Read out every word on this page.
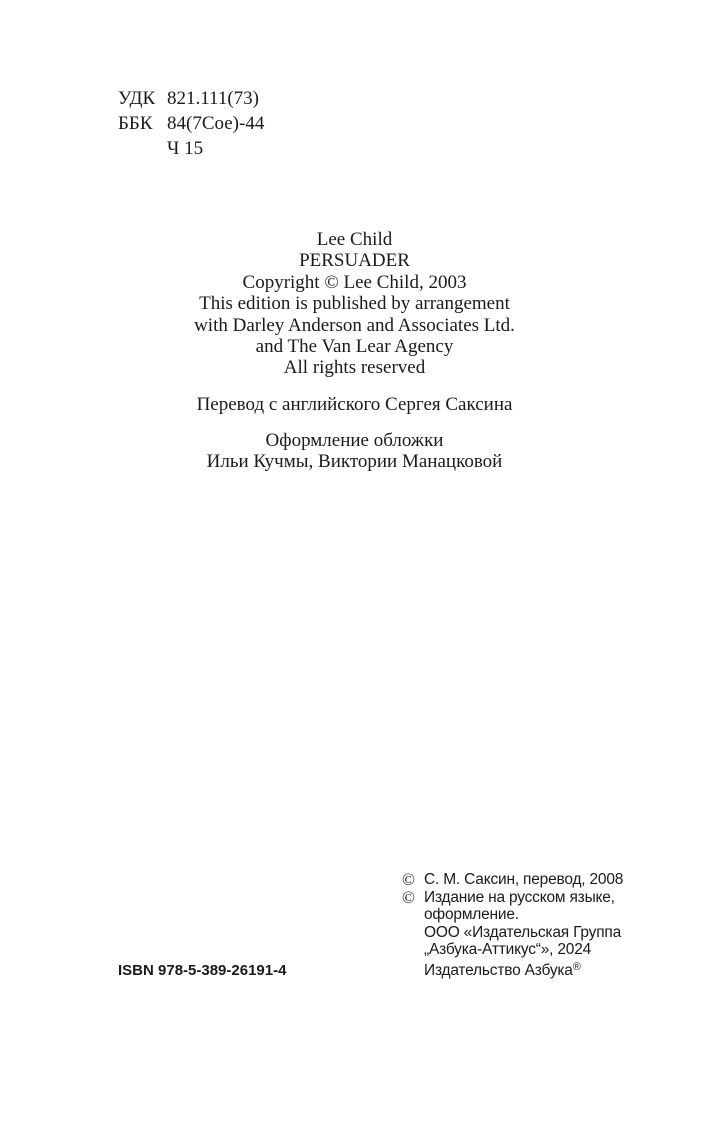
УДК 821.111(73)
ББК 84(7Сое)-44
Ч 15
Lee Child
PERSUADER
Copyright © Lee Child, 2003
This edition is published by arrangement
with Darley Anderson and Associates Ltd.
and The Van Lear Agency
All rights reserved
Перевод с английского Сергея Саксина
Оформление обложки
Ильи Кучмы, Виктории Манацковой
ISBN 978-5-389-26191-4
© С. М. Саксин, перевод, 2008
© Издание на русском языке,
оформление.
ООО «Издательская Группа
„Азбука-Аттикус“», 2024
Издательство Азбука®
